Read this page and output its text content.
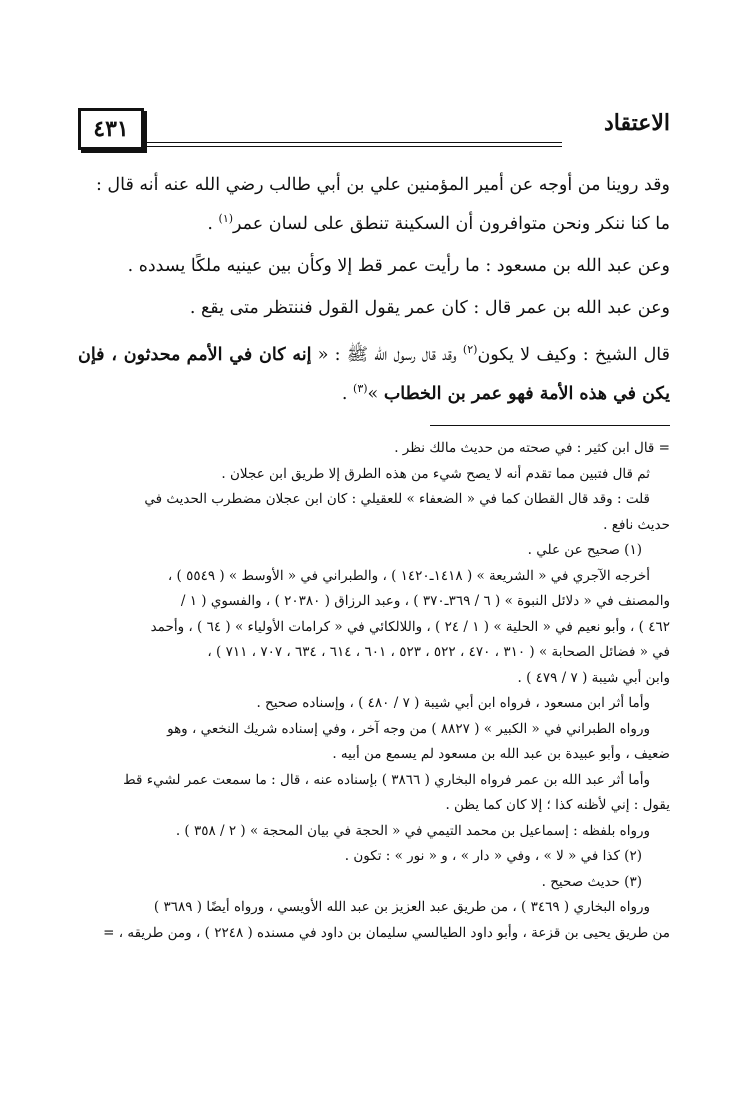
٤٣١	الاعتقاد

وقد روينا من أوجه عن أمير المؤمنين علي بن أبي طالب رضي الله عنه أنه قال :
ما كنا ننكر ونحن متوافرون أن السكينة تنطق على لسان عمر$^{(١)}$ .

وعن عبد الله بن مسعود : ما رأيت عمر قط إلا وكأن بين عينيه ملكًا يسدده .

وعن عبد الله بن عمر قال : كان عمر يقول القول فننتظر متى يقع .

قال الشيخ : وكيف لا يكون$^{(٢)}$ وقد قال رسول الله ﷺ : « إنه كان في الأمم محدثون ، فإن يكن في هذه الأمة فهو عمر بن الخطاب »$^{(٣)}$ .

= قال ابن كثير : في صحته من حديث مالك نظر .

ثم قال فتبين مما تقدم أنه لا يصح شيء من هذه الطرق إلا طريق ابن عجلان .

قلت : وقد قال القطان كما في « الضعفاء » للعقيلي : كان ابن عجلان مضطرب الحديث في

حديث نافع .

(١) صحيح عن علي .

أخرجه الآجري في « الشريعة » ( ١٤١٨ـ١٤٢٠ ) ، والطبراني في « الأوسط » ( ٥٥٤٩ ) ،

والمصنف في « دلائل النبوة » ( ٦ / ٣٦٩ـ٣٧٠ ) ، وعبد الرزاق ( ٢٠٣٨٠ ) ، والفسوي ( ١ /

٤٦٢ ) ، وأبو نعيم في « الحلية » ( ١ / ٢٤ ) ، واللالكائي في « كرامات الأولياء » ( ٦٤ ) ، وأحمد

في « فضائل الصحابة » ( ٣١٠ ، ٤٧٠ ، ٥٢٢ ، ٥٢٣ ، ٦٠١ ، ٦١٤ ، ٦٣٤ ، ٧٠٧ ، ٧١١ ) ،

وابن أبي شيبة ( ٧ / ٤٧٩ ) .

وأما أثر ابن مسعود ، فرواه ابن أبي شيبة ( ٧ / ٤٨٠ ) ، وإسناده صحيح .

ورواه الطبراني في « الكبير » ( ٨٨٢٧ ) من وجه آخر ، وفي إسناده شريك النخعي ، وهو

ضعيف ، وأبو عبيدة بن عبد الله بن مسعود لم يسمع من أبيه .

وأما أثر عبد الله بن عمر فرواه البخاري ( ٣٨٦٦ ) بإسناده عنه ، قال : ما سمعت عمر لشيء قط

يقول : إني لأظنه كذا ؛ إلا كان كما يظن .

ورواه بلفظه : إسماعيل بن محمد التيمي في « الحجة في بيان المحجة » ( ٢ / ٣٥٨ ) .

(٢) كذا في « لا » ، وفي « دار » ، و « نور » : تكون .

(٣) حديث صحيح .

ورواه البخاري ( ٣٤٦٩ ) ، من طريق عبد العزيز بن عبد الله الأويسي ، ورواه أيضًا ( ٣٦٨٩ )

من طريق يحيى بن قزعة ، وأبو داود الطيالسي سليمان بن داود في مسنده ( ٢٢٤٨ ) ، ومن طريقه ، =
